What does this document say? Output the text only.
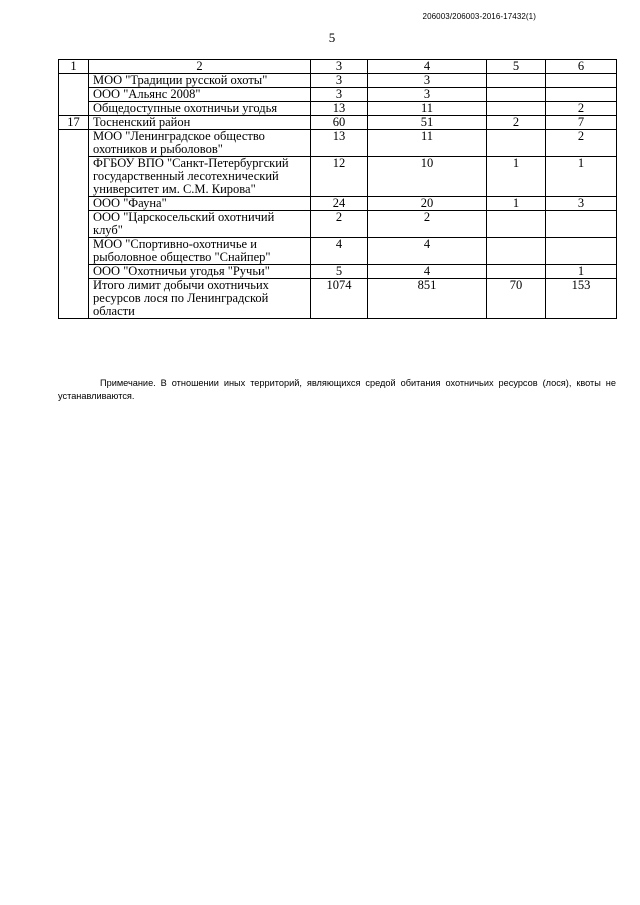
206003/206003-2016-17432(1)
5
1	2	3	4	5	6
	МОО "Традиции русской охоты"	3	3		
	ООО "Альянс 2008"	3	3		
	Общедоступные охотничьи угодья	13	11		2
17	Тосненский район	60	51	2	7
	МОО "Ленинградское общество охотников и рыболовов"	13	11		2
	ФГБОУ ВПО "Санкт-Петербургский государственный лесотехнический университет им. С.М. Кирова"	12	10	1	1
	ООО "Фауна"	24	20	1	3
	ООО "Царскосельский охотничий клуб"	2	2		
	МОО "Спортивно-охотничье и рыболовное общество "Снайпер"	4	4		
	ООО "Охотничьи угодья "Ручьи"	5	4		1
	Итого лимит добычи охотничьих ресурсов лося по Ленинградской области	1074	851	70	153

Примечание. В отношении иных территорий, являющихся средой обитания охотничьих ресурсов (лося), квоты не устанавливаются.
